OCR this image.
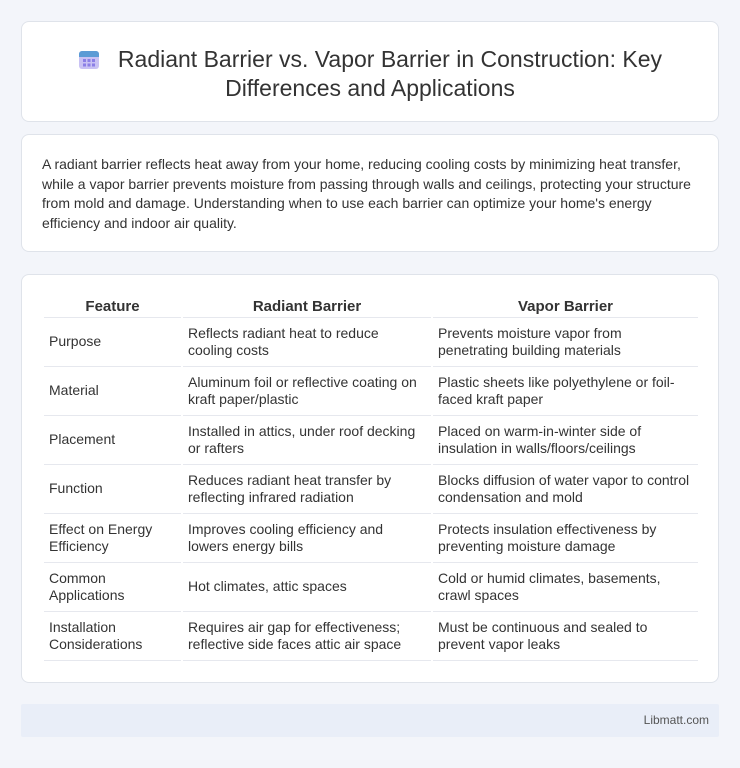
Radiant Barrier vs. Vapor Barrier in Construction: Key Differences and Applications

A radiant barrier reflects heat away from your home, reducing cooling costs by minimizing heat transfer, while a vapor barrier prevents moisture from passing through walls and ceilings, protecting your structure from mold and damage. Understanding when to use each barrier can optimize your home's energy efficiency and indoor air quality.

Feature	Radiant Barrier	Vapor Barrier
Purpose	Reflects radiant heat to reduce cooling costs	Prevents moisture vapor from penetrating building materials
Material	Aluminum foil or reflective coating on kraft paper/plastic	Plastic sheets like polyethylene or foil-faced kraft paper
Placement	Installed in attics, under roof decking or rafters	Placed on warm-in-winter side of insulation in walls/floors/ceilings
Function	Reduces radiant heat transfer by reflecting infrared radiation	Blocks diffusion of water vapor to control condensation and mold
Effect on Energy Efficiency	Improves cooling efficiency and lowers energy bills	Protects insulation effectiveness by preventing moisture damage
Common Applications	Hot climates, attic spaces	Cold or humid climates, basements, crawl spaces
Installation Considerations	Requires air gap for effectiveness; reflective side faces attic air space	Must be continuous and sealed to prevent vapor leaks
Libmatt.com
